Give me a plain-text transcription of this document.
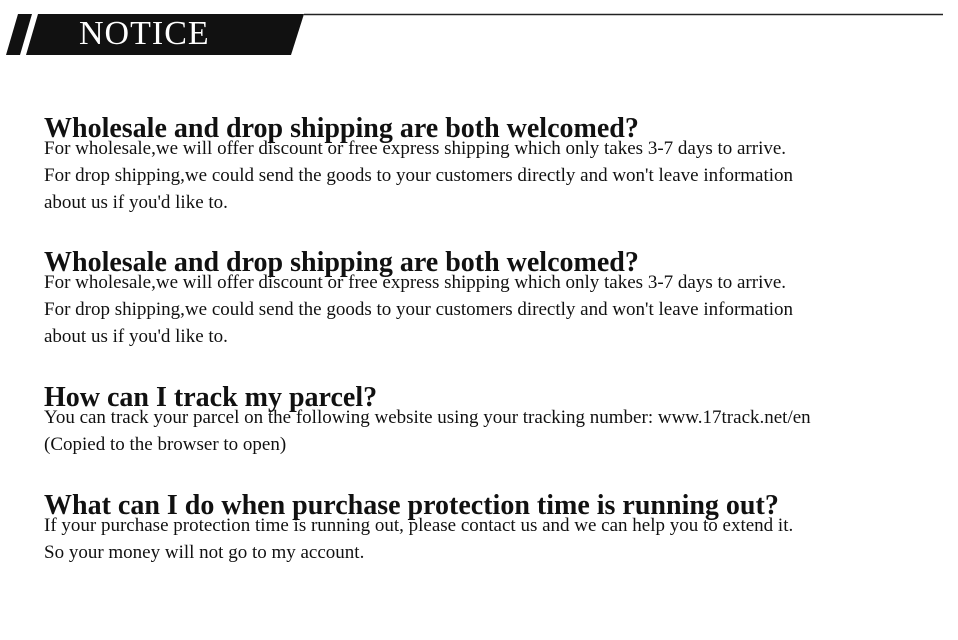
NOTICE
Wholesale and drop shipping are both welcomed?

For wholesale,we will offer discount or free express shipping which only takes 3-7 days to arrive.

For drop shipping,we could send the goods to your customers directly and won't leave information

about us if you'd like to.

Wholesale and drop shipping are both welcomed?

For wholesale,we will offer discount or free express shipping which only takes 3-7 days to arrive.

For drop shipping,we could send the goods to your customers directly and won't leave information

about us if you'd like to.

How can I track my parcel?

You can track your parcel on the following website using your tracking number: www.17track.net/en

(Copied to the browser to open)

What can I do when purchase protection time is running out?

If your purchase protection time is running out, please contact us and we can help you to extend it.

So your money will not go to my account.
